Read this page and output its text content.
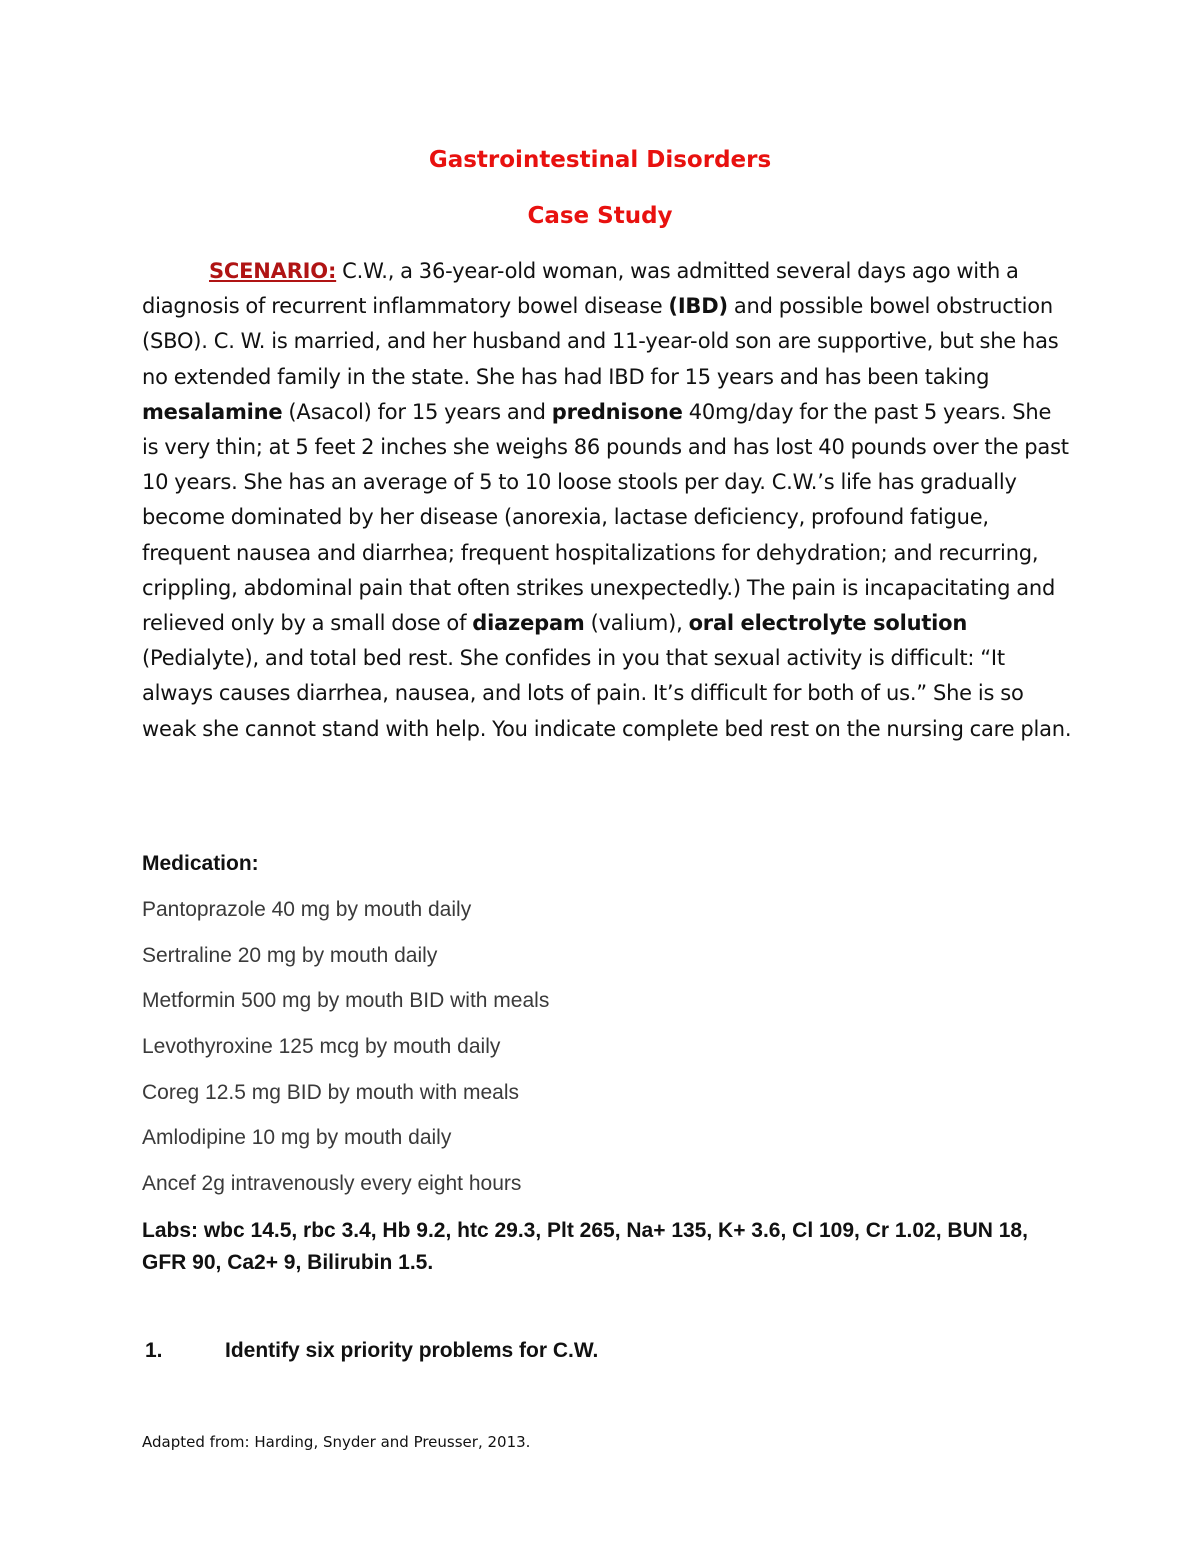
Gastrointestinal Disorders
Case Study
SCENARIO: C.W., a 36-year-old woman, was admitted several days ago with a diagnosis of recurrent inflammatory bowel disease (IBD) and possible bowel obstruction (SBO). C. W. is married, and her husband and 11-year-old son are supportive, but she has no extended family in the state. She has had IBD for 15 years and has been taking mesalamine (Asacol) for 15 years and prednisone 40mg/day for the past 5 years. She is very thin; at 5 feet 2 inches she weighs 86 pounds and has lost 40 pounds over the past 10 years. She has an average of 5 to 10 loose stools per day. C.W.’s life has gradually become dominated by her disease (anorexia, lactase deficiency, profound fatigue, frequent nausea and diarrhea; frequent hospitalizations for dehydration; and recurring, crippling, abdominal pain that often strikes unexpectedly.) The pain is incapacitating and relieved only by a small dose of diazepam (valium), oral electrolyte solution (Pedialyte), and total bed rest. She confides in you that sexual activity is difficult: “It always causes diarrhea, nausea, and lots of pain. It’s difficult for both of us.” She is so weak she cannot stand with help. You indicate complete bed rest on the nursing care plan.
Medication:
Pantoprazole 40 mg by mouth daily
Sertraline 20 mg by mouth daily
Metformin 500 mg by mouth BID with meals
Levothyroxine 125 mcg by mouth daily
Coreg 12.5 mg BID by mouth with meals
Amlodipine 10 mg by mouth daily
Ancef 2g intravenously every eight hours
Labs: wbc 14.5, rbc 3.4, Hb 9.2, htc 29.3, Plt 265, Na+ 135, K+ 3.6, Cl 109, Cr 1.02, BUN 18, GFR 90, Ca2+ 9, Bilirubin 1.5.
1.	Identify six priority problems for C.W.
Adapted from: Harding, Snyder and Preusser, 2013.
